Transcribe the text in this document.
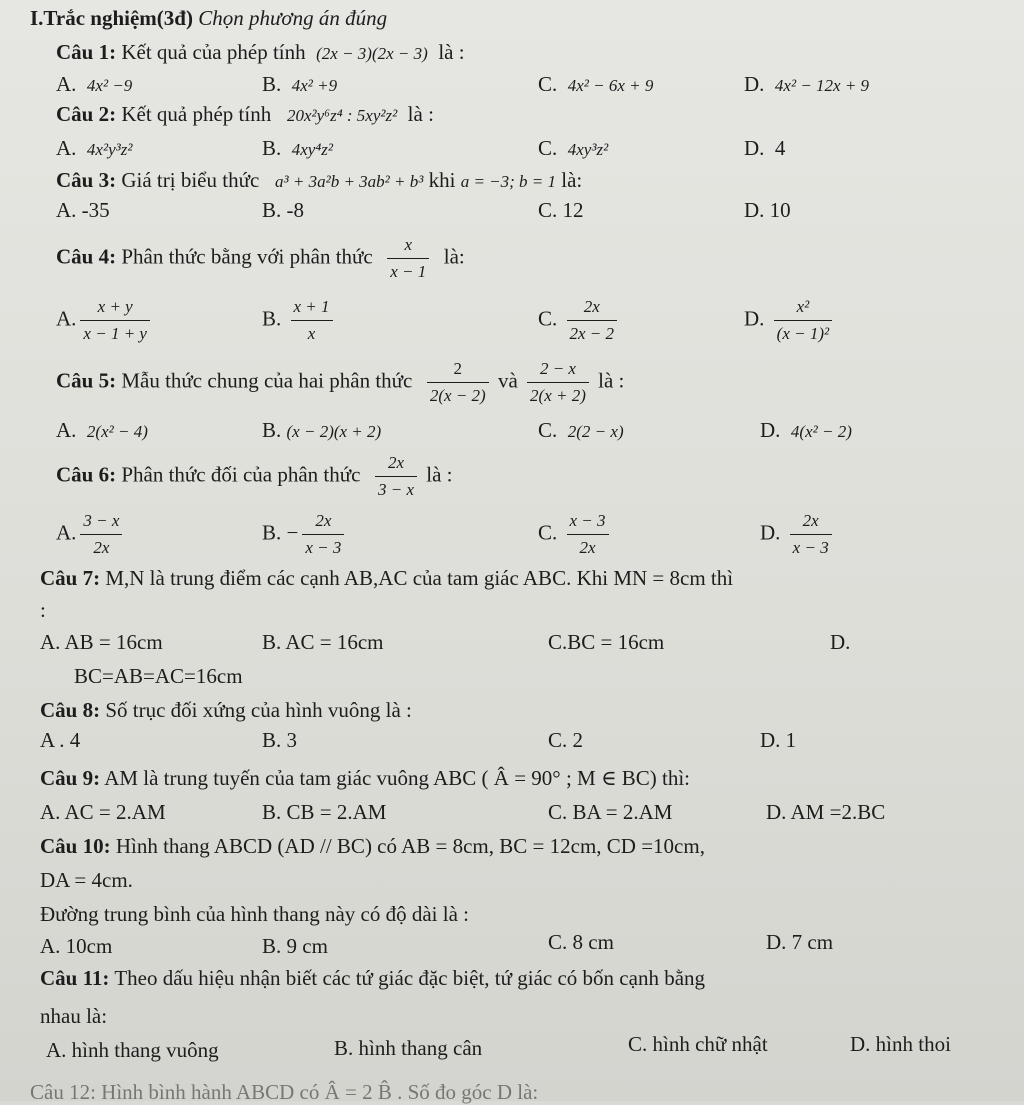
I.Trắc nghiệm(3đ) Chọn phương án đúng
Câu 1: Kết quả của phép tính (2x − 3)(2x − 3) là :
A. 4x² −9	B. 4x² +9	C. 4x² − 6x + 9	D. 4x² − 12x + 9
Câu 2: Kết quả phép tính 20x²y⁶z⁴ : 5xy²z² là :
A. 4x²y³z²	B. 4xy⁴z²	C. 4xy³z²	D. 4
Câu 3: Giá trị biểu thức a³ + 3a²b + 3ab² + b³ khi a = −3; b = 1 là:
A. -35	B. -8	C. 12	D. 10
Câu 4: Phân thức bằng với phân thức $\frac{x}{x - 1}$ là:
A. $\frac{x + y}{x - 1 + y}$	B. $\frac{x + 1}{x}$	C. $\frac{2x}{2x - 2}$	D. $\frac{\text{x²}}{\text{(x − 1)²}}$
Câu 5: Mẫu thức chung của hai phân thức $\frac{2}{2(x - 2)}$ và $\frac{2 - x}{2(x + 2)}$ là :
A. 2(x² − 4)	B. (x − 2)(x + 2)	C. 2(2 − x)	D. 4(x² − 2)
Câu 6: Phân thức đối của phân thức $\frac{2x}{3 - x}$ là :
A. $\frac{3 - x}{2x}$	B. − $\frac{2x}{x - 3}$	C. $\frac{x - 3}{2x}$	D. $\frac{2x}{x - 3}$
Câu 7: M,N là trung điểm các cạnh AB,AC của tam giác ABC. Khi MN = 8cm thì
:
A. AB = 16cm	B. AC = 16cm	C.BC = 16cm	D.
BC=AB=AC=16cm
Câu 8: Số trục đối xứng của hình vuông là :
A . 4	B. 3	C. 2	D. 1
Câu 9: AM là trung tuyến của tam giác vuông ABC ( Â = 90° ; M ∈ BC) thì:
A. AC = 2.AM	B. CB = 2.AM	C. BA = 2.AM	D. AM =2.BC
Câu 10: Hình thang ABCD (AD // BC) có AB = 8cm, BC = 12cm, CD =10cm,
DA = 4cm.
Đường trung bình của hình thang này có độ dài là :
A. 10cm	B. 9 cm	C. 8 cm	D. 7 cm
Câu 11: Theo dấu hiệu nhận biết các tứ giác đặc biệt, tứ giác có bốn cạnh bằng
nhau là:
A. hình thang vuông	B. hình thang cân	C. hình chữ nhật	D. hình thoi
Câu 12: Hình bình hành ABCD có Â = 2 B̂ . Số đo góc D là:
